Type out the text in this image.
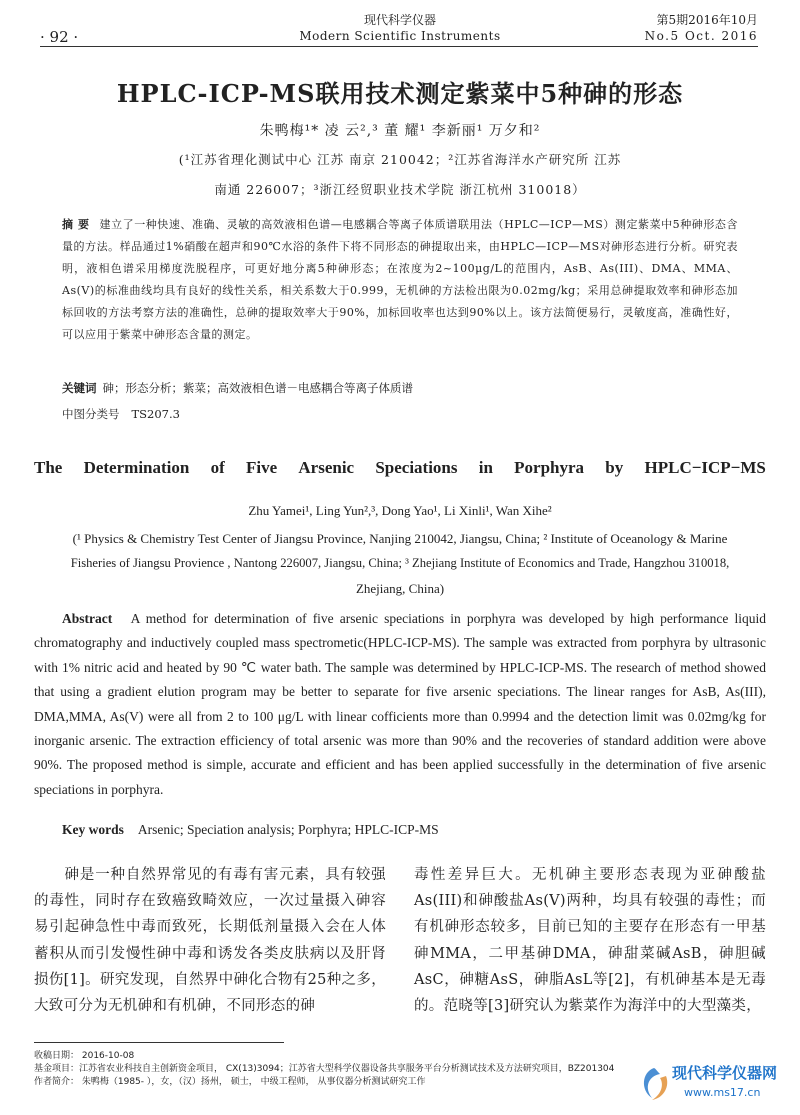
· 92 ·
现代科学仪器
Modern Scientific Instruments
第5期2016年10月
No.5 Oct. 2016
HPLC-ICP-MS联用技术测定紫菜中5种砷的形态
朱鸭梅¹* 凌 云²,³ 董 耀¹ 李新丽¹ 万夕和²
(¹江苏省理化测试中心 江苏 南京 210042；²江苏省海洋水产研究所 江苏
南通 226007；³浙江经贸职业技术学院 浙江杭州 310018）
摘 要 建立了一种快速、准确、灵敏的高效液相色谱—电感耦合等离子体质谱联用法（HPLC—ICP—MS）测定紫菜中5种砷形态含量的方法。样品通过1%硝酸在超声和90℃水浴的条件下将不同形态的砷提取出来，由HPLC—ICP—MS对砷形态进行分析。研究表明，液相色谱采用梯度洗脱程序，可更好地分离5种砷形态；在浓度为2~100μg/L的范围内，AsB、As(III)、DMA、MMA、As(V)的标准曲线均具有良好的线性关系，相关系数大于0.999，无机砷的方法检出限为0.02mg/kg；采用总砷提取效率和砷形态加标回收的方法考察方法的准确性，总砷的提取效率大于90%，加标回收率也达到90%以上。该方法简便易行，灵敏度高，准确性好，可以应用于紫菜中砷形态含量的测定。
关键词 砷；形态分析；紫菜；高效液相色谱－电感耦合等离子体质谱
中图分类号 TS207.3
The Determination of Five Arsenic Speciations in Porphyra by HPLC−ICP−MS
Zhu Yamei¹, Ling Yun²,³, Dong Yao¹, Li Xinli¹, Wan Xihe²
(¹ Physics & Chemistry Test Center of Jiangsu Province, Nanjing 210042, Jiangsu, China; ² Institute of Oceanology & Marine
Fisheries of Jiangsu Provience , Nantong 226007, Jiangsu, China; ³ Zhejiang Institute of Economics and Trade, Hangzhou 310018,
Zhejiang, China)
Abstract A method for determination of five arsenic speciations in porphyra was developed by high performance liquid chromatography and inductively coupled mass spectrometic(HPLC-ICP-MS). The sample was extracted from porphyra by ultrasonic with 1% nitric acid and heated by 90 ℃ water bath. The sample was determined by HPLC-ICP-MS. The research of method showed that using a gradient elution program may be better to separate for five arsenic speciations. The linear ranges for AsB, As(III), DMA,MMA, As(V) were all from 2 to 100 μg/L with linear cofficients more than 0.9994 and the detection limit was 0.02mg/kg for inorganic arsenic. The extraction efficiency of total arsenic was more than 90% and the recoveries of standard addition were above 90%. The proposed method is simple, accurate and efficient and has been applied successfully in the determination of five arsenic speciations in porphyra.
Key words Arsenic; Speciation analysis; Porphyra; HPLC-ICP-MS
砷是一种自然界常见的有毒有害元素，具有较强的毒性，同时存在致癌致畸效应，一次过量摄入砷容易引起砷急性中毒而致死，长期低剂量摄入会在人体蓄积从而引发慢性砷中毒和诱发各类皮肤病以及肝肾损伤[1]。研究发现，自然界中砷化合物有25种之多，大致可分为无机砷和有机砷，不同形态的砷
毒性差异巨大。无机砷主要形态表现为亚砷酸盐As(III)和砷酸盐As(V)两种，均具有较强的毒性；而有机砷形态较多，目前已知的主要存在形态有一甲基砷MMA，二甲基砷DMA，砷甜菜碱AsB，砷胆碱AsC，砷糖AsS，砷脂AsL等[2]，有机砷基本是无毒的。范晓等[3]研究认为紫菜作为海洋中的大型藻类，
收稿日期： 2016-10-08
基金项目：江苏省农业科技自主创新资金项目， CX(13)3094；江苏省大型科学仪器设备共享服务平台分析测试技术及方法研究项目，BZ201304
作者简介： 朱鸭梅（1985- ），女，（汉）扬州， 硕士， 中级工程师， 从事仪器分析测试研究工作	现代科学仪器网
www.ms17.cn
